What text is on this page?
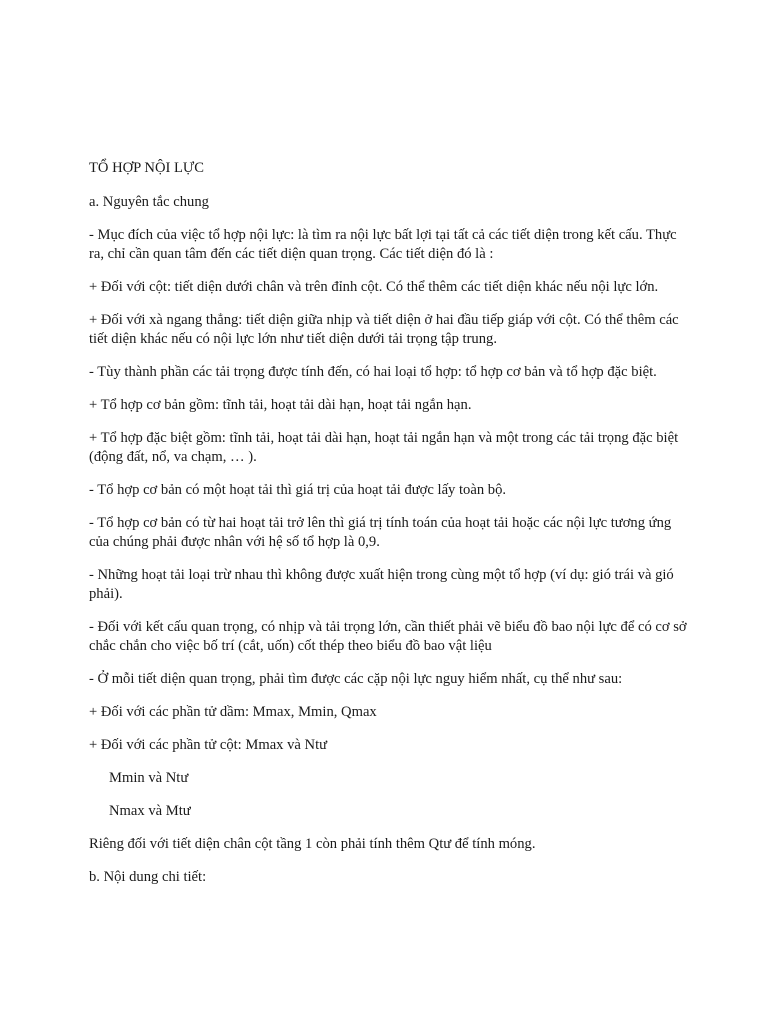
TỔ HỢP NỘI LỰC

a. Nguyên tắc chung

- Mục đích của việc tổ hợp nội lực: là tìm ra nội lực bất lợi tại tất cả các tiết diện trong kết cấu. Thực ra, chỉ cần quan tâm đến các tiết diện quan trọng. Các tiết diện đó là :

+ Đối với cột: tiết diện dưới chân và trên đỉnh cột. Có thể thêm các tiết diện khác nếu nội lực lớn.

+ Đối với xà ngang thẳng: tiết diện giữa nhịp và tiết diện ở hai đầu tiếp giáp với cột. Có thể thêm các tiết diện khác nếu có nội lực lớn như tiết diện dưới tải trọng tập trung.

- Tùy thành phần các tải trọng được tính đến, có hai loại tổ hợp: tổ hợp cơ bản và tổ hợp đặc biệt.

+ Tổ hợp cơ bản gồm: tĩnh tải, hoạt tải dài hạn, hoạt tải ngắn hạn.

+ Tổ hợp đặc biệt gồm: tĩnh tải, hoạt tải dài hạn, hoạt tải ngắn hạn và một trong các tải trọng đặc biệt (động đất, nổ, va chạm, … ).

- Tổ hợp cơ bản có một hoạt tải thì giá trị của hoạt tải được lấy toàn bộ.

- Tổ hợp cơ bản có từ hai hoạt tải trở lên thì giá trị tính toán của hoạt tải hoặc các nội lực tương ứng của chúng phải được nhân với hệ số tổ hợp là 0,9.

- Những hoạt tải loại trừ nhau thì không được xuất hiện trong cùng một tổ hợp (ví dụ: gió trái và gió phải).

- Đối với kết cấu quan trọng, có nhịp và tải trọng lớn, cần thiết phải vẽ biểu đồ bao nội lực để có cơ sở chắc chắn cho việc bố trí (cắt, uốn) cốt thép theo biểu đồ bao vật liệu

- Ở mỗi tiết diện quan trọng, phải tìm được các cặp nội lực nguy hiểm nhất, cụ thể như sau:

+ Đối với các phần tử dầm: Mmax, Mmin, Qmax

+ Đối với các phần tử cột: Mmax và Ntư

Mmin và Ntư

Nmax và Mtư

Riêng đối với tiết diện chân cột tầng 1 còn phải tính thêm Qtư để tính móng.

b. Nội dung chi tiết:
